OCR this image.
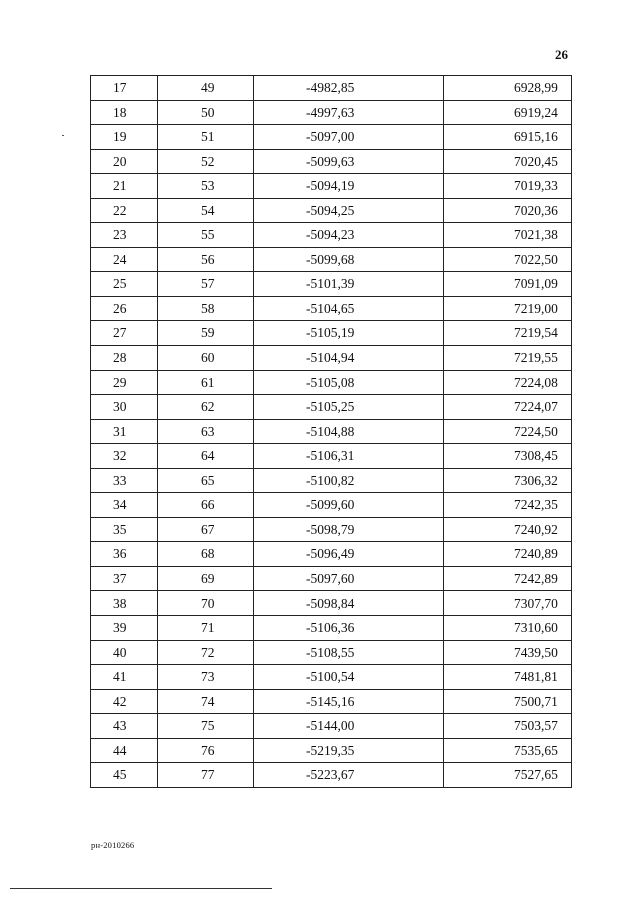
26
17	49	-4982,85	6928,99
18	50	-4997,63	6919,24
19	51	-5097,00	6915,16
20	52	-5099,63	7020,45
21	53	-5094,19	7019,33
22	54	-5094,25	7020,36
23	55	-5094,23	7021,38
24	56	-5099,68	7022,50
25	57	-5101,39	7091,09
26	58	-5104,65	7219,00
27	59	-5105,19	7219,54
28	60	-5104,94	7219,55
29	61	-5105,08	7224,08
30	62	-5105,25	7224,07
31	63	-5104,88	7224,50
32	64	-5106,31	7308,45
33	65	-5100,82	7306,32
34	66	-5099,60	7242,35
35	67	-5098,79	7240,92
36	68	-5096,49	7240,89
37	69	-5097,60	7242,89
38	70	-5098,84	7307,70
39	71	-5106,36	7310,60
40	72	-5108,55	7439,50
41	73	-5100,54	7481,81
42	74	-5145,16	7500,71
43	75	-5144,00	7503,57
44	76	-5219,35	7535,65
45	77	-5223,67	7527,65
pн-2010266
